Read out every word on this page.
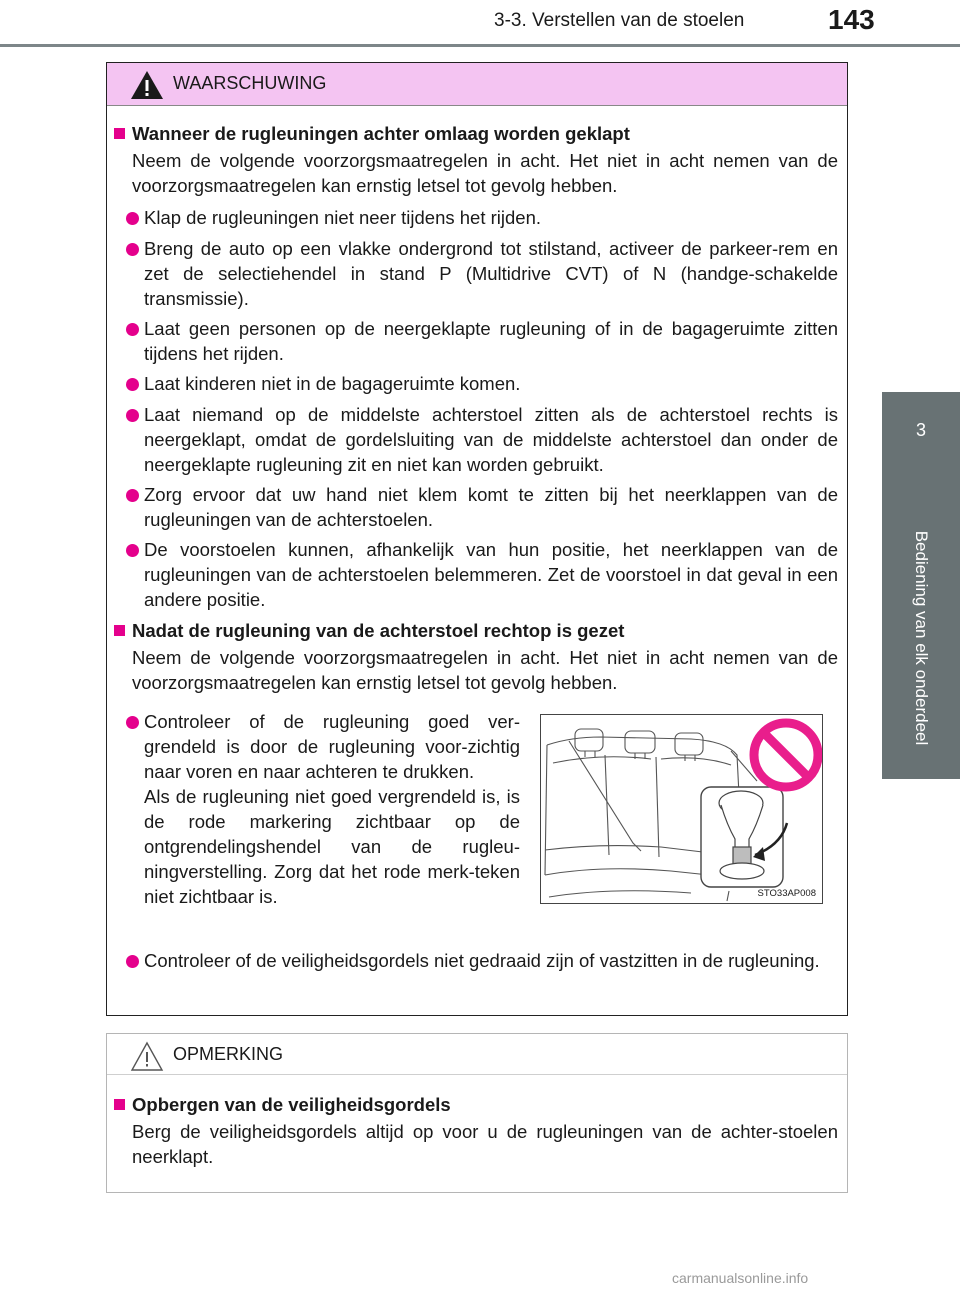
3-3. Verstellen van de stoelen	143
3
Bediening van elk onderdeel
WAARSCHUWING
Wanneer de rugleuningen achter omlaag worden geklapt

Neem de volgende voorzorgsmaatregelen in acht. Het niet in acht nemen van de voorzorgsmaatregelen kan ernstig letsel tot gevolg hebben.

Klap de rugleuningen niet neer tijdens het rijden.

Breng de auto op een vlakke ondergrond tot stilstand, activeer de parkeer-rem en zet de selectiehendel in stand P (Multidrive CVT) of N (handge-schakelde transmissie).

Laat geen personen op de neergeklapte rugleuning of in de bagageruimte zitten tijdens het rijden.

Laat kinderen niet in de bagageruimte komen.

Laat niemand op de middelste achterstoel zitten als de achterstoel rechts is neergeklapt, omdat de gordelsluiting van de middelste achterstoel dan onder de neergeklapte rugleuning zit en niet kan worden gebruikt.

Zorg ervoor dat uw hand niet klem komt te zitten bij het neerklappen van de rugleuningen van de achterstoelen.

De voorstoelen kunnen, afhankelijk van hun positie, het neerklappen van de rugleuningen van de achterstoelen belemmeren. Zet de voorstoel in dat geval in een andere positie.

Nadat de rugleuning van de achterstoel rechtop is gezet

Neem de volgende voorzorgsmaatregelen in acht. Het niet in acht nemen van de voorzorgsmaatregelen kan ernstig letsel tot gevolg hebben.

Controleer of de rugleuning goed ver-grendeld is door de rugleuning voor-zichtig naar voren en naar achteren te drukken.

Als de rugleuning niet goed vergrendeld is, is de rode markering zichtbaar op de ontgrendelingshendel van de rugleu-ningverstelling. Zorg dat het rode merk-teken niet zichtbaar is.	STO33AP008

Controleer of de veiligheidsgordels niet gedraaid zijn of vastzitten in de rugleuning.

OPMERKING
Opbergen van de veiligheidsgordels

Berg de veiligheidsgordels altijd op voor u de rugleuningen van de achter-stoelen neerklapt.

carmanualsonline.info
